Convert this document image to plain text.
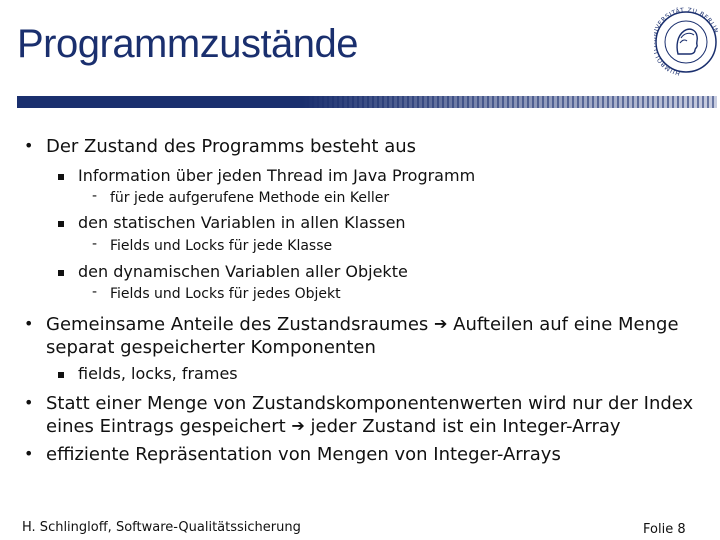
Programmzustände
HUMBOL VERSITÄT ZU BERLI
• Der Zustand des Programms besteht aus
Information über jeden Thread im Java Programm
- für jede aufgerufene Methode ein Keller
den statischen Variablen in allen Klassen
- Fields und Locks für jede Klasse
den dynamischen Variablen aller Objekte
- Fields und Locks für jedes Objekt
• Gemeinsame Anteile des Zustandsraumes ➔ Aufteilen auf eine Menge
separat gespeicherter Komponenten
fields, locks, frames
• Statt einer Menge von Zustandskomponentenwerten wird nur der Index
eines Eintrags gespeichert ➔ jeder Zustand ist ein Integer-Array
• effiziente Repräsentation von Mengen von Integer-Arrays
H. Schlingloff, Software-Qualitätssicherung	Folie 8
